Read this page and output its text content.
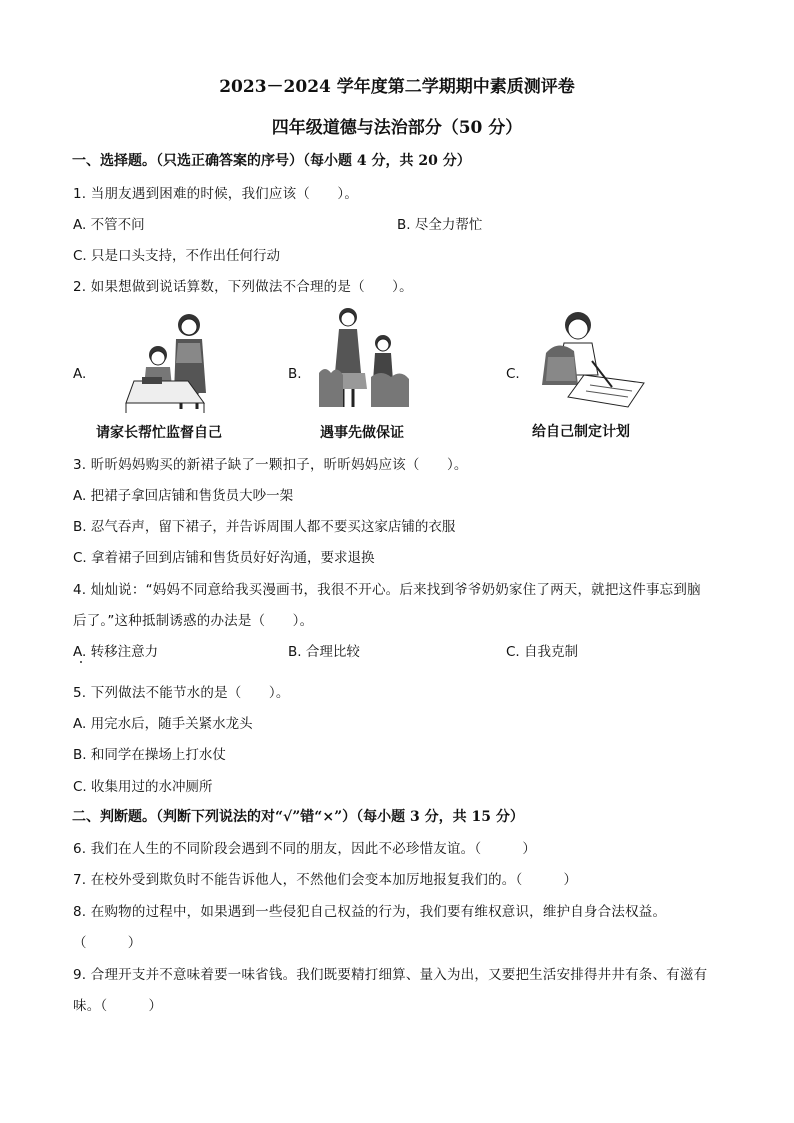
2023－2024 学年度第二学期期中素质测评卷
四年级道德与法治部分（50 分）
一、选择题。（只选正确答案的序号）（每小题 4 分，共 20 分）
1. 当朋友遇到困难的时候，我们应该（　　）。
A. 不管不问	B. 尽全力帮忙
C. 只是口头支持，不作出任何行动
2. 如果想做到说话算数，下列做法不合理的是（　　）。
A.
请家长帮忙监督自己
B.
遇事先做保证
C.
给自己制定计划
3. 昕昕妈妈购买的新裙子缺了一颗扣子，昕昕妈妈应该（　　）。
A. 把裙子拿回店铺和售货员大吵一架
B. 忍气吞声，留下裙子，并告诉周围人都不要买这家店铺的衣服
C. 拿着裙子回到店铺和售货员好好沟通，要求退换
4. 灿灿说：“妈妈不同意给我买漫画书，我很不开心。后来找到爷爷奶奶家住了两天，就把这件事忘到脑
后了。”这种抵制诱惑的办法是（　　）。
A. 转移注意力	B. 合理比较	C. 自我克制
5. 下列做法不能节水的是（　　）。
A. 用完水后，随手关紧水龙头
B. 和同学在操场上打水仗
C. 收集用过的水冲厕所
二、判断题。（判断下列说法的对“√”错“×”）（每小题 3 分，共 15 分）
6. 我们在人生的不同阶段会遇到不同的朋友，因此不必珍惜友谊。（　　　）
7. 在校外受到欺负时不能告诉他人，不然他们会变本加厉地报复我们的。（　　　）
8. 在购物的过程中，如果遇到一些侵犯自己权益的行为，我们要有维权意识，维护自身合法权益。
（　　　）
9. 合理开支并不意味着要一味省钱。我们既要精打细算、量入为出，又要把生活安排得井井有条、有滋有
味。（　　　）
